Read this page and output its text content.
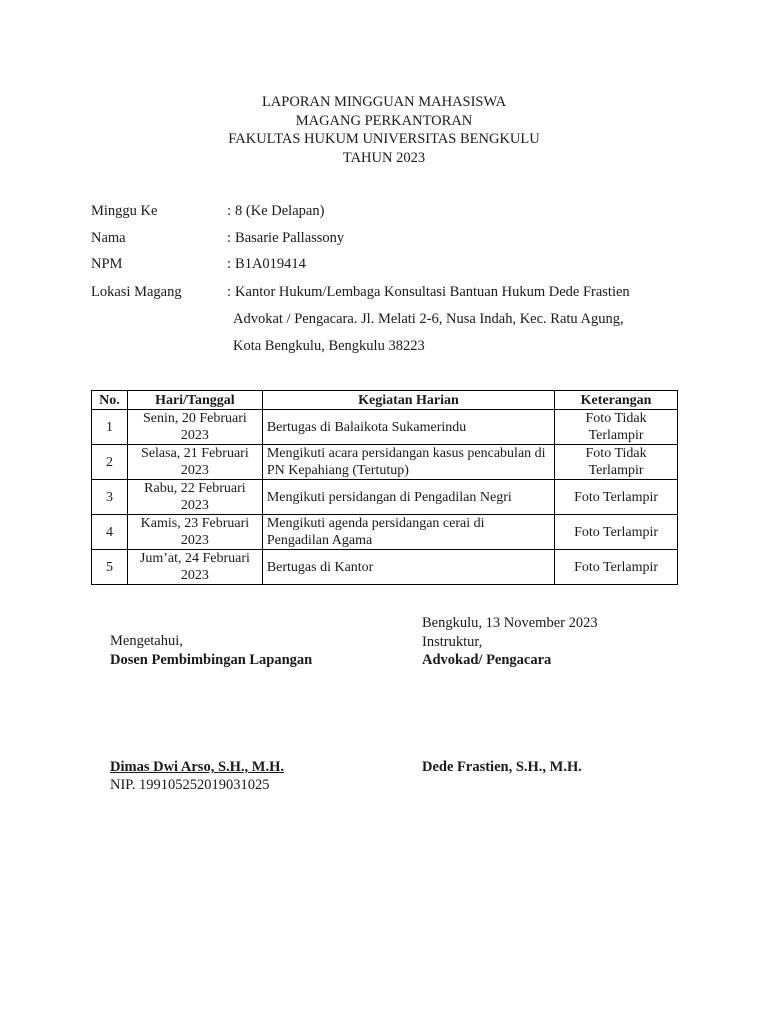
LAPORAN MINGGUAN MAHASISWA
MAGANG PERKANTORAN
FAKULTAS HUKUM UNIVERSITAS BENGKULU
TAHUN 2023
Minggu Ke	: 8 (Ke Delapan)
Nama	: Basarie Pallassony
NPM	: B1A019414
Lokasi Magang	: Kantor Hukum/Lembaga Konsultasi Bantuan Hukum Dede Frastien
Advokat / Pengacara. Jl. Melati 2-6, Nusa Indah, Kec. Ratu Agung,
Kota Bengkulu, Bengkulu 38223
No.	Hari/Tanggal	Kegiatan Harian	Keterangan
1	Senin, 20 Februari 2023	Bertugas di Balaikota Sukamerindu	Foto Tidak Terlampir
2	Selasa, 21 Februari 2023	Mengikuti acara persidangan kasus pencabulan di PN Kepahiang (Tertutup)	Foto Tidak Terlampir
3	Rabu, 22 Februari 2023	Mengikuti persidangan di Pengadilan Negri	Foto Terlampir
4	Kamis, 23 Februari 2023	Mengikuti agenda persidangan cerai di Pengadilan Agama	Foto Terlampir
5	Jum’at, 24 Februari 2023	Bertugas di Kantor	Foto Terlampir
Mengetahui,
Dosen Pembimbingan Lapangan
Bengkulu, 13 November 2023
Instruktur,
Advokad/ Pengacara
Dimas Dwi Arso, S.H., M.H.
NIP. 199105252019031025
Dede Frastien, S.H., M.H.
